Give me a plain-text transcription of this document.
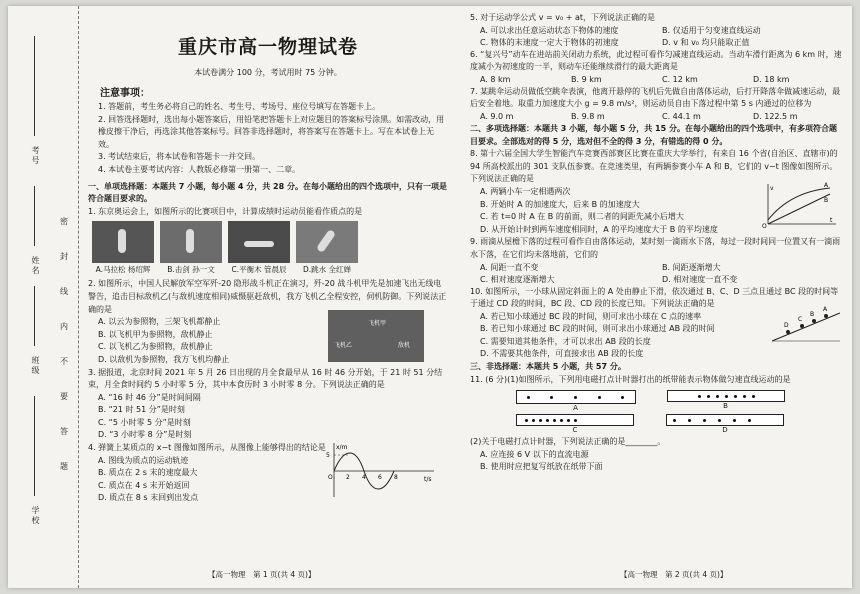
考号
姓名
班级
学校
密
封
线
内
不
要
答
题
重庆市高一物理试卷
本试卷满分 100 分，考试用时 75 分钟。
注意事项：

1. 答题前，考生务必将自己的姓名、考生号、考场号、座位号填写在答题卡上。

2. 回答选择题时，选出每小题答案后，用铅笔把答题卡上对应题目的答案标号涂黑。如需改动，用橡皮擦干净后，再选涂其他答案标号。回答非选择题时，将答案写在答题卡上。写在本试卷上无效。

3. 考试结束后，将本试卷和答题卡一并交回。

4. 本试卷主要考试内容：人教版必修第一册第一、二章。

一、单项选择题：本题共 7 小题，每小题 4 分，共 28 分。在每小题给出的四个选项中，只有一项是符合题目要求的。

1. 东京奥运会上，如图所示的比赛项目中，计算成绩时运动员能看作质点的是

A.马拉松 杨绍辉	B.击剑 孙一文	C.平衡木 管晨辰	D.跳水 全红婵

2. 如图所示，中国人民解放军空军歼-20 隐形战斗机正在演习，歼-20 战斗机甲先是加速飞出无线电警告，追击目标敌机乙(与敌机速度相同)威慑驱赶敌机，我方飞机乙全程安控，伺机防御。下列说法正确的是

A. 以云为参照物，三架飞机都静止

B. 以飞机甲为参照物，敌机静止

C. 以飞机乙为参照物，敌机静止

D. 以敌机为参照物，我方飞机均静止

飞机乙
飞机甲
敌机

3. 据报道，北京时间 2021 年 5 月 26 日出现的月全食最早从 16 时 46 分开始，于 21 时 51 分结束，月全食时间约 5 小时零 5 分，其中本食历时 3 小时零 8 分。下列说法正确的是

A. “16 时 46 分”是时间间隔

B. “21 时 51 分”是时刻

C. “5 小时零 5 分”是时刻

D. “3 小时零 8 分”是时刻

4. 弹簧上某质点的 x−t 图像如图所示，从图像上能够得出的结论是

A. 图线为质点的运动轨迹

B. 质点在 2 s 末的速度最大

C. 质点在 4 s 末开始返回

D. 质点在 8 s 末回到出发点

x/m
t/s
5
O 2 4 6 8
【高一物理　第 1 页(共 4 页)】

5. 对于运动学公式 v = v₀ + at，下列说法正确的是

A. 可以求出任意运动状态下物体的速度	B. 仅适用于匀变速直线运动
C. 物体的末速度一定大于物体的初速度	D. v 和 v₀ 均只能取正值

6. “复兴号”动车在进站前关闭动力系统，此过程可看作匀减速直线运动。当动车滑行距离为 6 km 时，速度减小为初速度的一半，则动车还能继续滑行的最大距离是

A. 8 km	B. 9 km	C. 12 km	D. 18 km

7. 某跳伞运动员做低空跳伞表演，他离开悬停的飞机后先做自由落体运动，后打开降落伞做减速运动，最后安全着地。取重力加速度大小 g = 9.8 m/s²，则运动员自由下落过程中第 5 s 内通过的位移为

A. 9.0 m	B. 9.8 m	C. 44.1 m	D. 122.5 m

二、多项选择题：本题共 3 小题，每小题 5 分，共 15 分。在每小题给出的四个选项中，有多项符合题目要求。全部选对的得 5 分，选对但不全的得 3 分，有错选的得 0 分。

8. 第十六届全国大学生智能汽车竞赛西部赛区比赛在重庆大学举行，有来自 16 个省(自治区、直辖市)的 94 所高校派出的 301 支队伍参赛。在竞速类里，有两辆参赛小车 A 和 B，它们的 v−t 图像如图所示。下列说法正确的是

A. 两辆小车一定相遇两次

B. 开始时 A 的加速度大，后来 B 的加速度大

C. 若 t=0 时 A 在 B 的前面，则二者的间距先减小后增大

D. 从开始计时到两车速度相同时，A 的平均速度大于 B 的平均速度

v
t
A
B
O

9. 雨滴从屋檐下落的过程可看作自由落体运动，某时刻一滴雨水下落，每过一段时间同一位置又有一滴雨水下落，在它们均未落地前，它们的

A. 间距一直不变	B. 间距逐渐增大
C. 相对速度逐渐增大	D. 相对速度一直不变

10. 如图所示，一小球从固定斜面上的 A 处由静止下滑，依次通过 B、C、D 三点且通过 BC 段的时间等于通过 CD 段的时间，BC 段、CD 段的长度已知。下列说法正确的是

A. 若已知小球通过 BC 段的时间，则可求出小球在 C 点的速率

B. 若已知小球通过 BC 段的时间，则可求出小球通过 AB 段的时间

C. 需要知道其他条件，才可以求出 AB 段的长度

D. 不需要其他条件，可直接求出 AB 段的长度

D
C
B
A

三、非选择题：本题共 5 小题，共 57 分。

11. (6 分)(1)如图所示，下列用电磁打点计时器打出的纸带能表示物体做匀速直线运动的是

A	B
C	D

(2)关于电磁打点计时器，下列说法正确的是________。

A. 应连接 6 V 以下的直流电源

B. 使用时应把复写纸放在纸带下面

【高一物理　第 2 页(共 4 页)】
